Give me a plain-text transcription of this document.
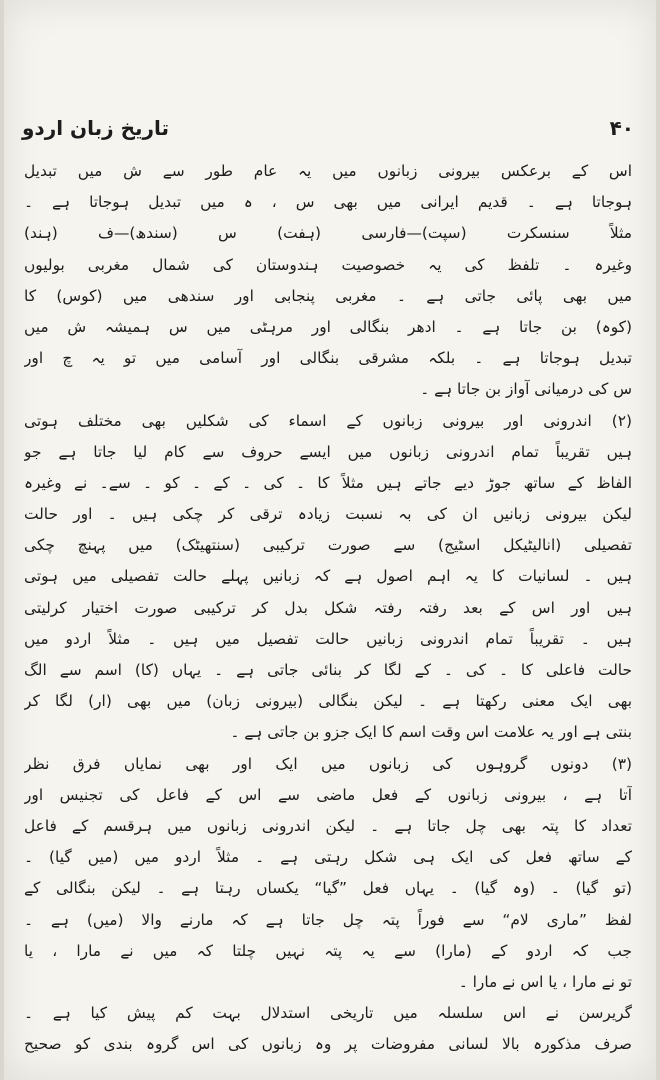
تاریخ زبان اردو	۴۰
اس کے برعکس بیرونی زبانوں میں یہ عام طور سے ش میں تبدیل
ہوجاتا ہے ۔ قدیم ایرانی میں بھی س ، ہ میں تبدیل ہوجاتا ہے ۔
مثلاً سنسکرت (سپت)—فارسی (ہفت) س (سندھ)—ف (ہند)
وغیرہ ۔ تلفظ کی یہ خصوصیت ہندوستان کی شمال مغربی بولیوں
میں بھی پائی جاتی ہے ۔ مغربی پنجابی اور سندھی میں (کوس) کا
(کوہ) بن جاتا ہے ۔ ادھر بنگالی اور مرہٹی میں س ہمیشہ ش میں
تبدیل ہوجاتا ہے ۔ بلکہ مشرقی بنگالی اور آسامی میں تو یہ چ اور
س کی درمیانی آواز بن جاتا ہے ۔
(۲) اندرونی اور بیرونی زبانوں کے اسماء کی شکلیں بھی مختلف ہوتی
ہیں تقریباً تمام اندرونی زبانوں میں ایسے حروف سے کام لیا جاتا ہے جو
الفاظ کے ساتھ جوڑ دیے جاتے ہیں مثلاً کا ۔ کی ۔ کے ۔ کو ۔ سے۔ نے وغیرہ
لیکن بیرونی زبانیں ان کی بہ نسبت زیادہ ترقی کر چکی ہیں ۔ اور حالت
تفصیلی (انالیٹیکل اسٹیج) سے صورت ترکیبی (سنتھیٹک) میں پہنچ چکی
ہیں ۔ لسانیات کا یہ اہم اصول ہے کہ زبانیں پہلے حالت تفصیلی میں ہوتی
ہیں اور اس کے بعد رفتہ رفتہ شکل بدل کر ترکیبی صورت اختیار کرلیتی
ہیں ۔ تقریباً تمام اندرونی زبانیں حالت تفصیل میں ہیں ۔ مثلاً اردو میں
حالت فاعلی کا ۔ کی ۔ کے لگا کر بنائی جاتی ہے ۔ یہاں (کا) اسم سے الگ
بھی ایک معنی رکھتا ہے ۔ لیکن بنگالی (بیرونی زبان) میں بھی (ار) لگا کر
بنتی ہے اور یہ علامت اس وقت اسم کا ایک جزو بن جاتی ہے ۔
(۳) دونوں گروہوں کی زبانوں میں ایک اور بھی نمایاں فرق نظر
آتا ہے ، بیرونی زبانوں کے فعل ماضی سے اس کے فاعل کی تجنیس اور
تعداد کا پتہ بھی چل جاتا ہے ۔ لیکن اندرونی زبانوں میں ہرقسم کے فاعل
کے ساتھ فعل کی ایک ہی شکل رہتی ہے ۔ مثلاً اردو میں (میں گیا) ۔
(تو گیا) ۔ (وہ گیا) ۔ یہاں فعل ”گیا“ یکساں رہتا ہے ۔ لیکن بنگالی کے
لفظ ”ماری لام“ سے فوراً پتہ چل جاتا ہے کہ مارنے والا (میں) ہے ۔
جب کہ اردو کے (مارا) سے یہ پتہ نہیں چلتا کہ میں نے مارا ، یا
تو نے مارا ، یا اس نے مارا ۔
گریرسن نے اس سلسلہ میں تاریخی استدلال بہت کم پیش کیا ہے ۔
صرف مذکورہ بالا لسانی مفروضات پر وہ زبانوں کی اس گروہ بندی کو صحیح
